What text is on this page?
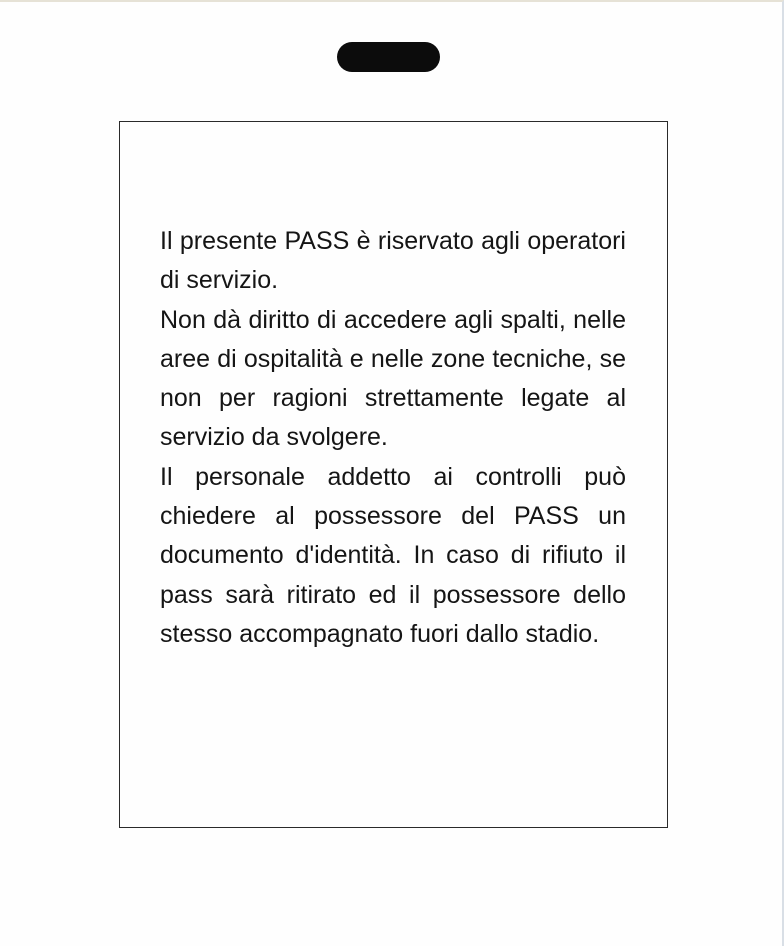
Il presente PASS è riservato agli operatori di servizio.

Non dà diritto di accedere agli spalti, nelle aree di ospitalità e nelle zone tecniche, se non per ragioni strettamente legate al servizio da svolgere.

Il personale addetto ai controlli può chiedere al possessore del PASS un documento d'identità. In caso di rifiuto il pass sarà ritirato ed il possessore dello stesso accompagnato fuori dallo stadio.
